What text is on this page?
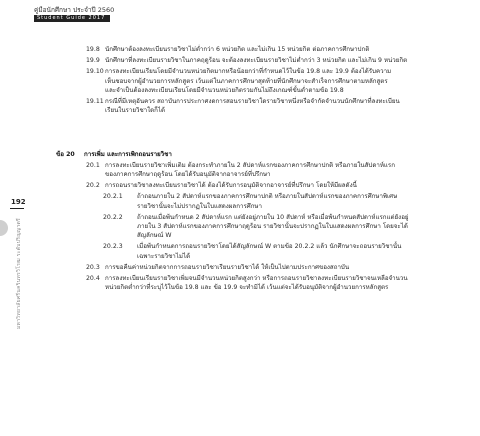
คู่มือนักศึกษา ประจำปี 2560
Student Guide 2017
192
มหาวิทยาลัยศรีนครินทรวิโรฒ ระดับปริญญาตรี
19.8 นักศึกษาต้องลงทะเบียนรายวิชาไม่ต่ำกว่า 6 หน่วยกิต และไม่เกิน 15 หน่วยกิต ต่อภาคการศึกษาปกติ
19.9 นักศึกษาที่ลงทะเบียนรายวิชาในภาคฤดูร้อน จะต้องลงทะเบียนรายวิชาไม่ต่ำกว่า 3 หน่วยกิต และไม่เกิน 9 หน่วยกิต
19.10 การลงทะเบียนเรียนโดยมีจำนวนหน่วยกิตมากหรือน้อยกว่าที่กำหนดไว้ในข้อ 19.8 และ 19.9 ต้องได้รับความ
เห็นชอบจากผู้อำนวยการหลักสูตร เว้นแต่ในภาคการศึกษาสุดท้ายที่นักศึกษาจะสำเร็จการศึกษาตามหลักสูตร
และจำเป็นต้องลงทะเบียนเรียนโดยมีจำนวนหน่วยกิตรวมกันไม่ถึงเกณฑ์ขั้นต่ำตามข้อ 19.8
19.11 กรณีที่มีเหตุอันควร สถาบันการประกาศงดการสอนรายวิชาใดรายวิชาหนึ่งหรือจำกัดจำนวนนักศึกษาที่ลงทะเบียน
เรียนในรายวิชาใดก็ได้
ข้อ 20 การเพิ่ม และการเพิกถอนรายวิชา
20.1 การลงทะเบียนรายวิชาเพิ่มเติม ต้องกระทำภายใน 2 สัปดาห์แรกของภาคการศึกษาปกติ หรือภายในสัปดาห์แรก
ของภาคการศึกษาฤดูร้อน โดยได้รับอนุมัติจากอาจารย์ที่ปรึกษา
20.2 การถอนรายวิชาลงทะเบียนรายวิชาได้ ต้องได้รับการอนุมัติจากอาจารย์ที่ปรึกษา โดยให้มีผลดังนี้
20.2.1 ถ้าถอนภายใน 2 สัปดาห์แรกของภาคการศึกษาปกติ หรือภายในสัปดาห์แรกของภาคการศึกษาพิเศษ
รายวิชานั้นจะไม่ปรากฏในใบแสดงผลการศึกษา
20.2.2 ถ้าถอนเมื่อพ้นกำหนด 2 สัปดาห์แรก แต่ยังอยู่ภายใน 10 สัปดาห์ หรือเมื่อพ้นกำหนดสัปดาห์แรกแต่ยังอยู่
ภายใน 3 สัปดาห์แรกของภาคการศึกษาฤดูร้อน รายวิชานั้นจะปรากฏในใบแสดงผลการศึกษา โดยจะได้
สัญลักษณ์ W
20.2.3 เมื่อพ้นกำหนดการถอนรายวิชาโดยได้สัญลักษณ์ W ตามข้อ 20.2.2 แล้ว นักศึกษาจะถอนรายวิชานั้น
เฉพาะรายวิชาไม่ได้
20.3 การขอคืนค่าหน่วยกิตจากการถอนรายวิชาเรียนรายวิชาได้ ให้เป็นไปตามประกาศของสถาบัน
20.4 การลงทะเบียนเรียนรายวิชาเพิ่มจนมีจำนวนหน่วยกิตสูงกว่า หรือการถอนรายวิชาลงทะเบียนรายวิชาจนเหลือจำนวน
หน่วยกิตต่ำกว่าที่ระบุไว้ในข้อ 19.8 และ ข้อ 19.9 จะทำมิได้ เว้นแต่จะได้รับอนุมัติจากผู้อำนวยการหลักสูตร
